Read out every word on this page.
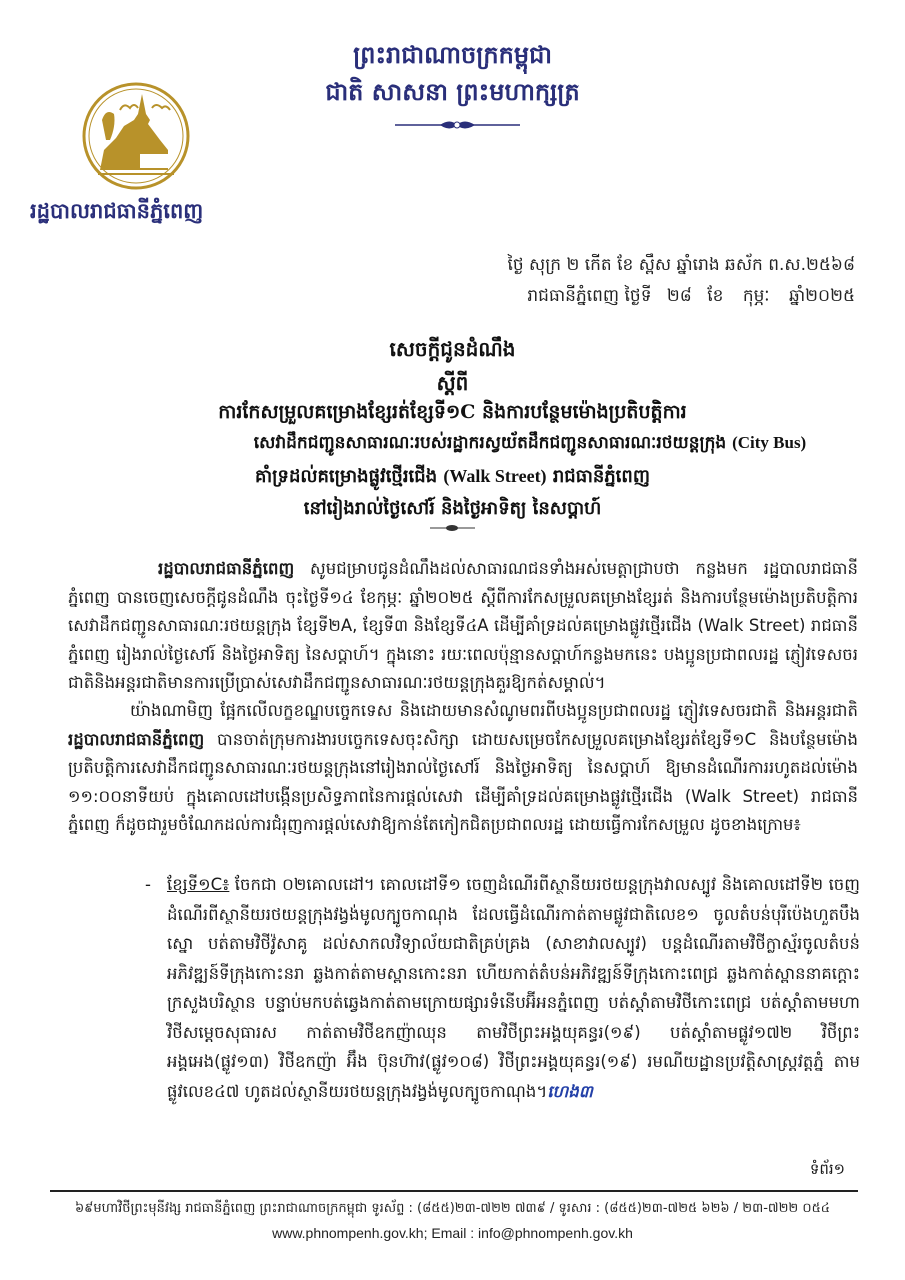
ព្រះរាជាណាចក្រកម្ពុជា
ជាតិ សាសនា ព្រះមហាក្សត្រ
រដ្ឋបាលរាជធានីភ្នំពេញ
ថ្ងៃ សុក្រ ២ កើត ខែ ស្ពឹស ឆ្នាំរោង ឆស័ក ព.ស.២៥៦៨
រាជធានីភ្នំពេញ ថ្ងៃទី ២៨ ខែ កុម្ភៈ ឆ្នាំ២០២៥
សេចក្តីជូនដំណឹង
ស្តីពី
ការកែសម្រួលគម្រោងខ្សែរត់ខ្សែទី១C និងការបន្ថែមម៉ោងប្រតិបត្តិការ
សេវាដឹកជញ្ជូនសាធារណៈរបស់រដ្ឋាករស្វយ័តដឹកជញ្ជូនសាធារណៈរថយន្តក្រុង (City Bus)
គាំទ្រដល់គម្រោងផ្លូវថ្មើរជើង (Walk Street) រាជធានីភ្នំពេញ
នៅរៀងរាល់ថ្ងៃសៅរ៍ និងថ្ងៃអាទិត្យ នៃសប្តាហ៍
រដ្ឋបាលរាជធានីភ្នំពេញ សូមជម្រាបជូនដំណឹងដល់សាធារណជនទាំងអស់មេត្តាជ្រាបថា កន្លងមក រដ្ឋបាលរាជធានីភ្នំពេញ បានចេញសេចក្តីជូនដំណឹង ចុះថ្ងៃទី១៤ ខែកុម្ភៈ ឆ្នាំ២០២៥ ស្តីពីការកែសម្រួលគម្រោងខ្សែរត់ និងការបន្ថែមម៉ោងប្រតិបត្តិការសេវាដឹកជញ្ជូនសាធារណៈរថយន្តក្រុង ខ្សែទី២A, ខ្សែទី៣ និងខ្សែទី៤A ដើម្បីគាំទ្រដល់គម្រោងផ្លូវថ្មើរជើង (Walk Street) រាជធានីភ្នំពេញ រៀងរាល់ថ្ងៃសៅរ៍ និងថ្ងៃអាទិត្យ នៃសប្តាហ៍។ ក្នុងនោះ រយៈពេលប៉ុន្មានសប្តាហ៍កន្លងមកនេះ បងប្អូនប្រជាពលរដ្ឋ ភ្ញៀវទេសចរជាតិនិងអន្តរជាតិមានការប្រើប្រាស់សេវាដឹកជញ្ជូនសាធារណៈរថយន្តក្រុងគួរឱ្យកត់សម្គាល់។
យ៉ាងណាមិញ ផ្អែកលើលក្ខខណ្ឌបច្ចេកទេស និងដោយមានសំណូមពរពីបងប្អូនប្រជាពលរដ្ឋ ភ្ញៀវទេសចរជាតិ និងអន្តរជាតិ រដ្ឋបាលរាជធានីភ្នំពេញ បានចាត់ក្រុមការងារបច្ចេកទេសចុះសិក្សា ដោយសម្រេចកែសម្រួលគម្រោងខ្សែរត់ខ្សែទី១C និងបន្ថែមម៉ោងប្រតិបត្តិការសេវាដឹកជញ្ជូនសាធារណៈរថយន្តក្រុងនៅរៀងរាល់ថ្ងៃសៅរ៍ និងថ្ងៃអាទិត្យ នៃសប្តាហ៍ ឱ្យមានដំណើរការរហូតដល់ម៉ោង ១១:០០នាទីយប់ ក្នុងគោលដៅបង្កើនប្រសិទ្ធភាពនៃការផ្តល់សេវា ដើម្បីគាំទ្រដល់គម្រោងផ្លូវថ្មើរជើង (Walk Street) រាជធានីភ្នំពេញ ក៏ដូចជារួមចំណែកដល់ការជំរុញការផ្តល់សេវាឱ្យកាន់តែកៀកជិតប្រជាពលរដ្ឋ ដោយធ្វើការកែសម្រួល ដូចខាងក្រោម៖
- ខ្សែទី១C៖ ចែកជា ០២គោលដៅ។ គោលដៅទី១ ចេញដំណើរពីស្ថានីយរថយន្តក្រុងវាលស្បូវ និងគោលដៅទី២ ចេញដំណើរពីស្ថានីយរថយន្តក្រុងវង្វង់មូលក្បូចកាណុង ដែលធ្វើដំណើរកាត់តាមផ្លូវជាតិលេខ១ ចូលតំបន់បុរីប៉េងហួតបឹងស្នោ បត់តាមវិថីវ៉ូសាគូ ដល់សាកលវិទ្យាល័យជាតិគ្រប់គ្រង (សាខាវាលស្បូវ) បន្តដំណើរតាមវិថីក្លាស្ម័រចូលតំបន់អភិវឌ្ឍន៍ទីក្រុងកោះនរា ឆ្លងកាត់តាមស្ពានកោះនរា ហើយកាត់តំបន់អភិវឌ្ឍន៍ទីក្រុងកោះពេជ្រ ឆ្លងកាត់ស្ពាននាគក្តោះ ក្រសួងបរិស្ថាន បន្ទាប់មកបត់ឆ្វេងកាត់តាមក្រោយផ្សារទំនើបអ៊ីអនភ្នំពេញ បត់ស្តាំតាមវិថីកោះពេជ្រ បត់ស្តាំតាមមហាវិថីសម្តេចសុធារស កាត់តាមវិថីឧកញ៉ាឈុន តាមវិថីព្រះអង្គយុគន្ធរ(១៩) បត់ស្តាំតាមផ្លូវ១៧២ វិថីព្រះអង្គអេង(ផ្លូវ១៣) វិថីឧកញ៉ា អ៊ឹង ប៊ុនហ៊ាវ(ផ្លូវ១០៨) វិថីព្រះអង្គយុគន្ធរ(១៩) រមណីយដ្ឋានប្រវត្តិសាស្ត្រវត្តភ្នំ តាមផ្លូវលេខ៤៧ ហូតដល់ស្ថានីយរថយន្តក្រុងវង្វង់មូលក្បូចកាណុង។ហេង៣
ទំព័រ១
៦៩មហាវិថីព្រះមុនីវង្ស រាជធានីភ្នំពេញ ព្រះរាជាណាចក្រកម្ពុជា ទូរស័ព្ទ : (៨៥៥)២៣-៧២២ ៧៣៩ / ទូរសារ : (៨៥៥)២៣-៧២៥ ៦២៦ / ២៣-៧២២ ០៥៤
www.phnompenh.gov.kh; Email : info@phnompenh.gov.kh
